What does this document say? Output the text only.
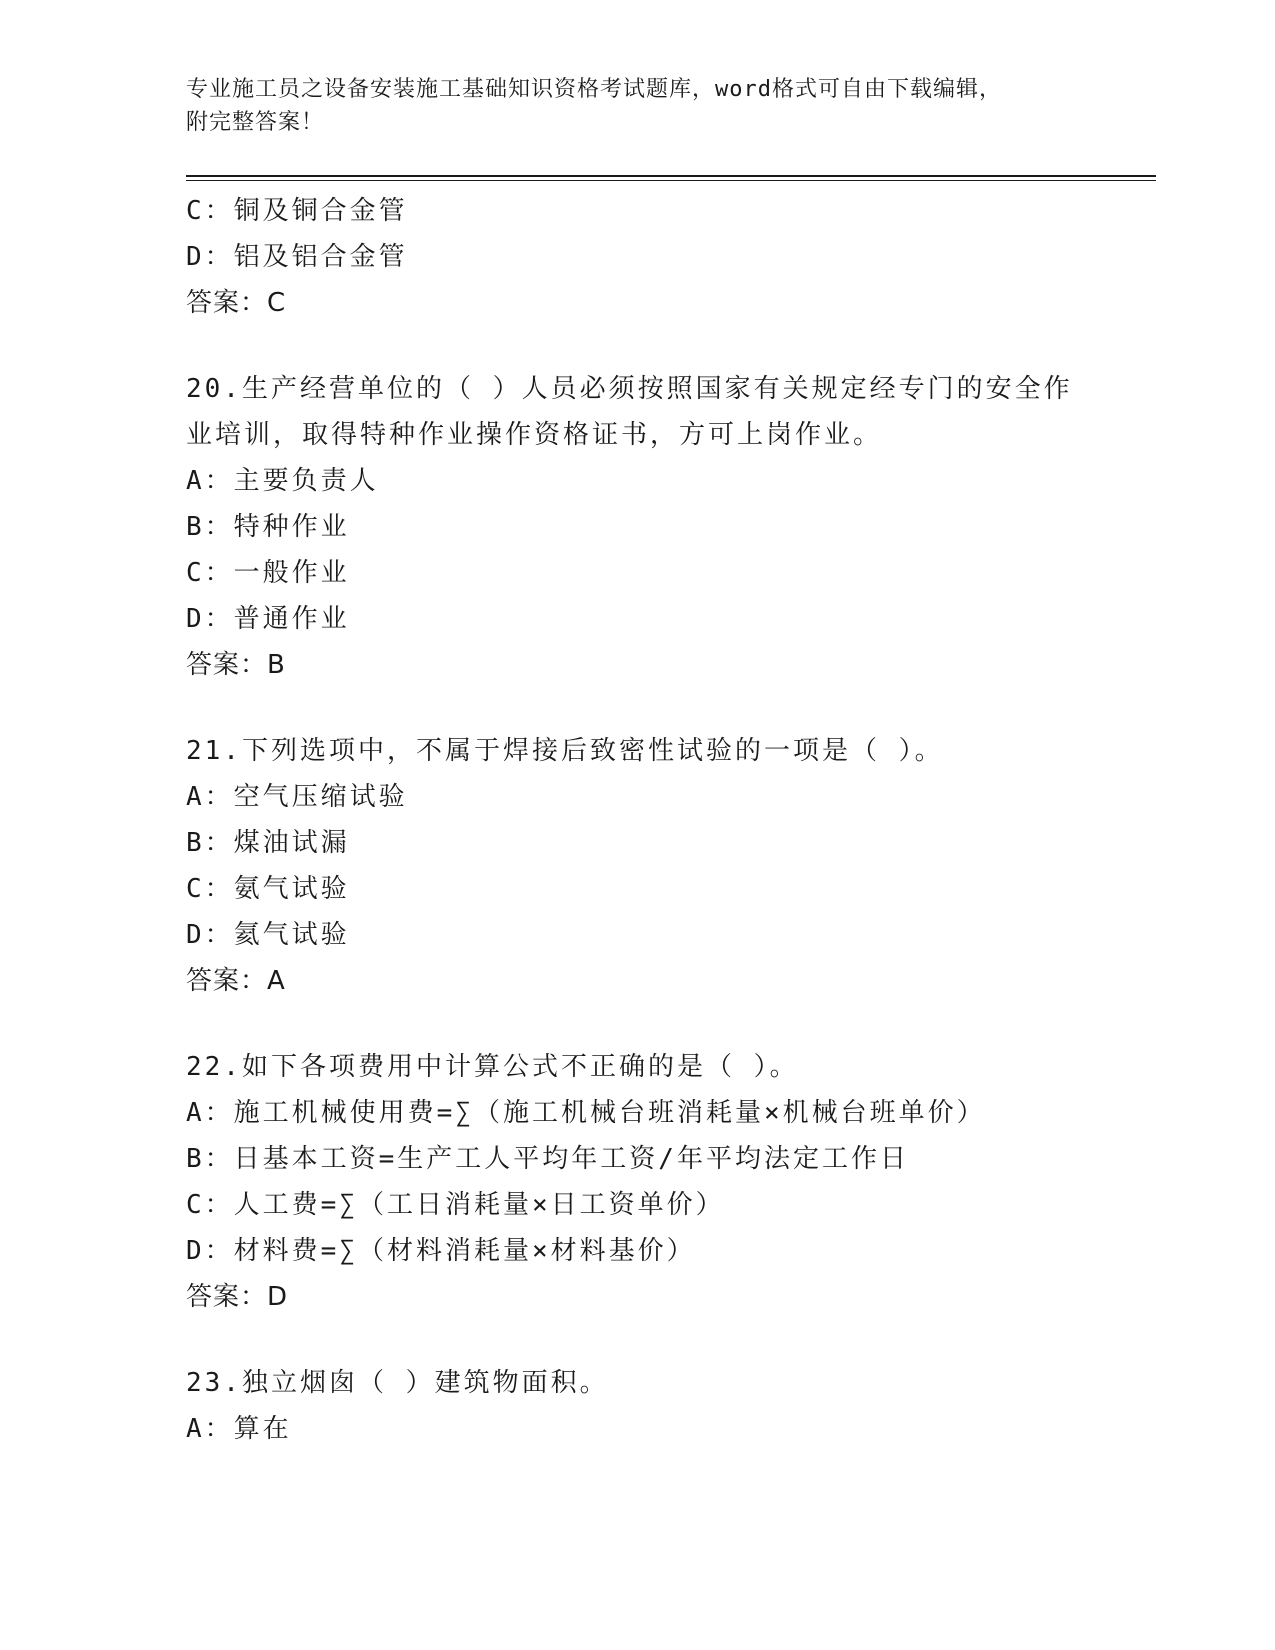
专业施工员之设备安装施工基础知识资格考试题库，word格式可自由下载编辑，
附完整答案！
C：铜及铜合金管
D：铝及铝合金管
答案：C
20.生产经营单位的（ ）人员必须按照国家有关规定经专门的安全作
业培训，取得特种作业操作资格证书，方可上岗作业。
A：主要负责人
B：特种作业
C：一般作业
D：普通作业
答案：B
21.下列选项中，不属于焊接后致密性试验的一项是（ ）。
A：空气压缩试验
B：煤油试漏
C：氨气试验
D：氦气试验
答案：A
22.如下各项费用中计算公式不正确的是（ ）。
A：施工机械使用费=∑（施工机械台班消耗量×机械台班单价）
B：日基本工资=生产工人平均年工资/年平均法定工作日
C：人工费=∑（工日消耗量×日工资单价）
D：材料费=∑（材料消耗量×材料基价）
答案：D
23.独立烟囱（ ）建筑物面积。
A：算在
